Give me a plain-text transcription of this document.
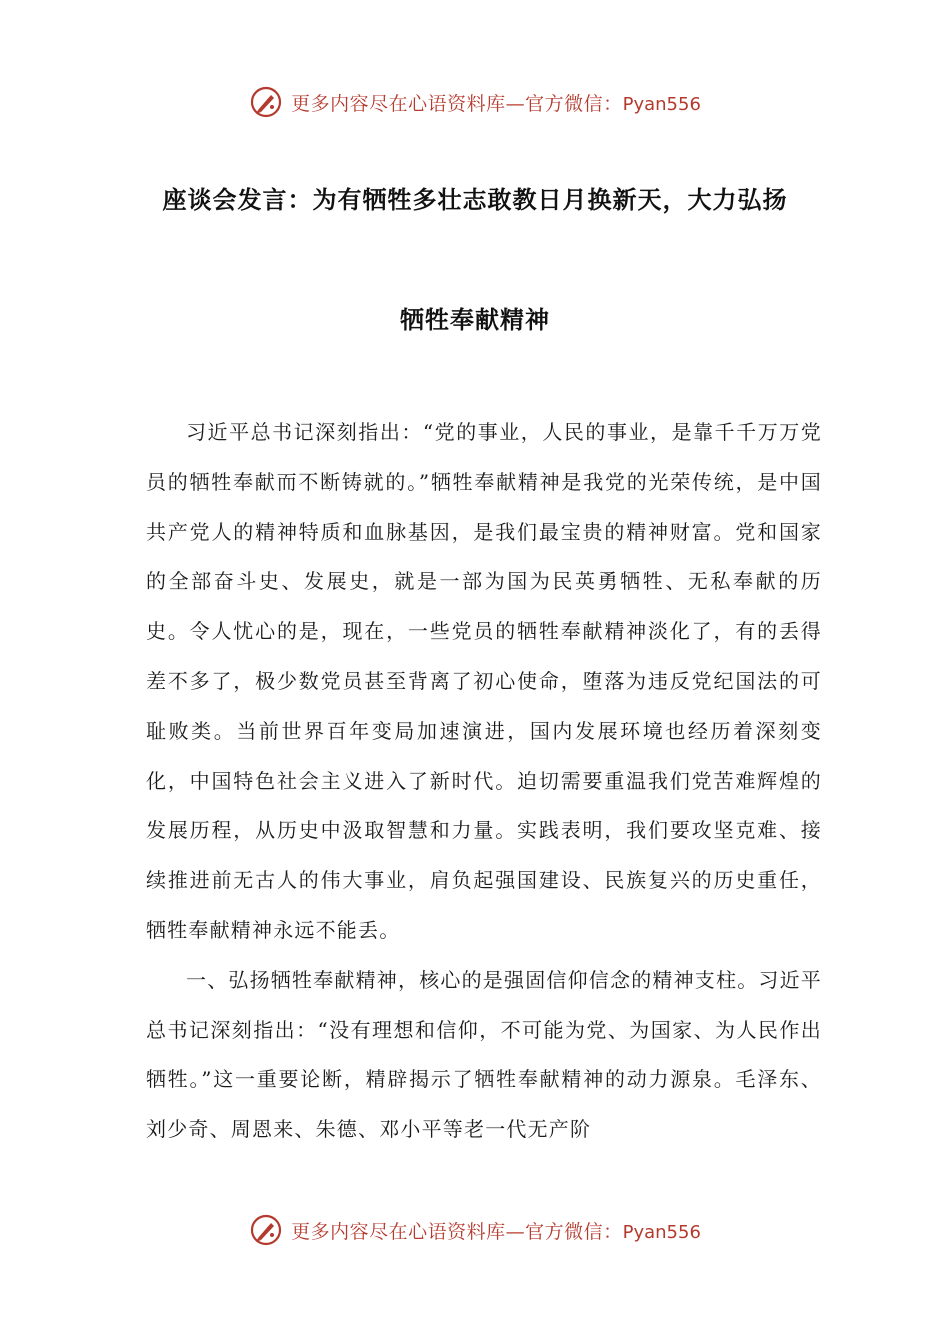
更多内容尽在心语资料库—官方微信：Pyan556
座谈会发言：为有牺牲多壮志敢教日月换新天，大力弘扬
牺牲奉献精神

习近平总书记深刻指出：“党的事业，人民的事业，是靠千千万万党员的牺牲奉献而不断铸就的。”牺牲奉献精神是我党的光荣传统，是中国共产党人的精神特质和血脉基因，是我们最宝贵的精神财富。党和国家的全部奋斗史、发展史，就是一部为国为民英勇牺牲、无私奉献的历史。令人忧心的是，现在，一些党员的牺牲奉献精神淡化了，有的丢得差不多了，极少数党员甚至背离了初心使命，堕落为违反党纪国法的可耻败类。当前世界百年变局加速演进，国内发展环境也经历着深刻变化，中国特色社会主义进入了新时代。迫切需要重温我们党苦难辉煌的发展历程，从历史中汲取智慧和力量。实践表明，我们要攻坚克难、接续推进前无古人的伟大事业，肩负起强国建设、民族复兴的历史重任，牺牲奉献精神永远不能丢。

一、弘扬牺牲奉献精神，核心的是强固信仰信念的精神支柱。习近平总书记深刻指出：“没有理想和信仰，不可能为党、为国家、为人民作出牺牲。”这一重要论断，精辟揭示了牺牲奉献精神的动力源泉。毛泽东、刘少奇、周恩来、朱德、邓小平等老一代无产阶

更多内容尽在心语资料库—官方微信：Pyan556
